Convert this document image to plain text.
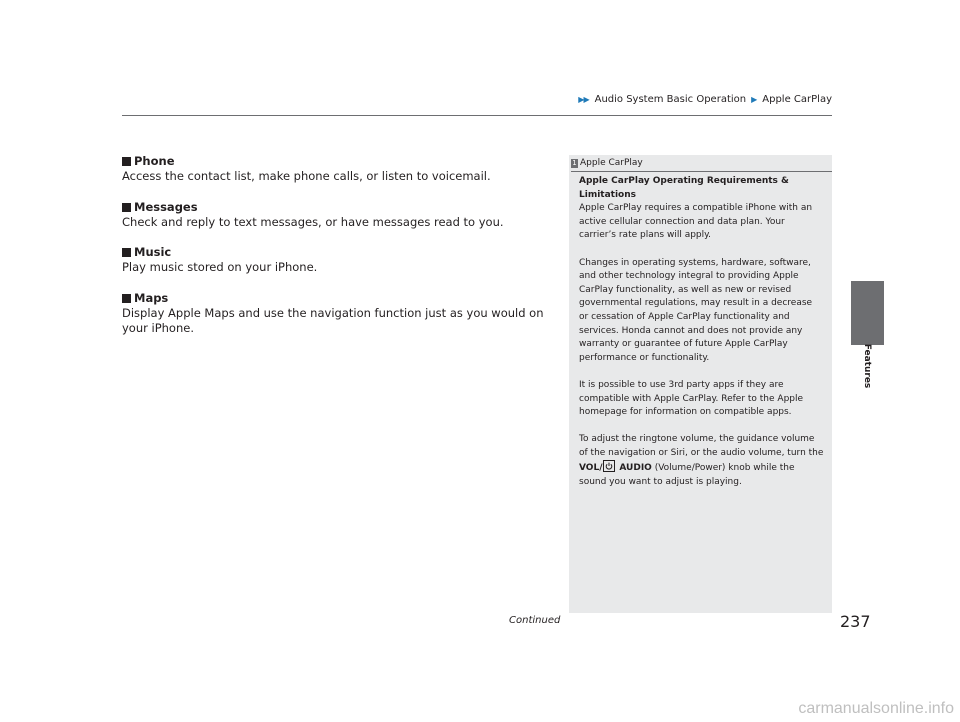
▶▶ Audio System Basic Operation ▶ Apple CarPlay
Features
Phone
Access the contact list, make phone calls, or listen to voicemail.
Messages
Check and reply to text messages, or have messages read to you.
Music
Play music stored on your iPhone.
Maps
Display Apple Maps and use the navigation function just as you would on your iPhone.
1 Apple CarPlay
Apple CarPlay Operating Requirements & Limitations
Apple CarPlay requires a compatible iPhone with an active cellular connection and data plan. Your carrier’s rate plans will apply.
Changes in operating systems, hardware, software, and other technology integral to providing Apple CarPlay functionality, as well as new or revised governmental regulations, may result in a decrease or cessation of Apple CarPlay functionality and services. Honda cannot and does not provide any warranty or guarantee of future Apple CarPlay performance or functionality.
It is possible to use 3rd party apps if they are compatible with Apple CarPlay. Refer to the Apple homepage for information on compatible apps.
To adjust the ringtone volume, the guidance volume of the navigation or Siri, or the audio volume, turn the VOL/ AUDIO (Volume/Power) knob while the sound you want to adjust is playing.
Continued	237
carmanualsonline.info
